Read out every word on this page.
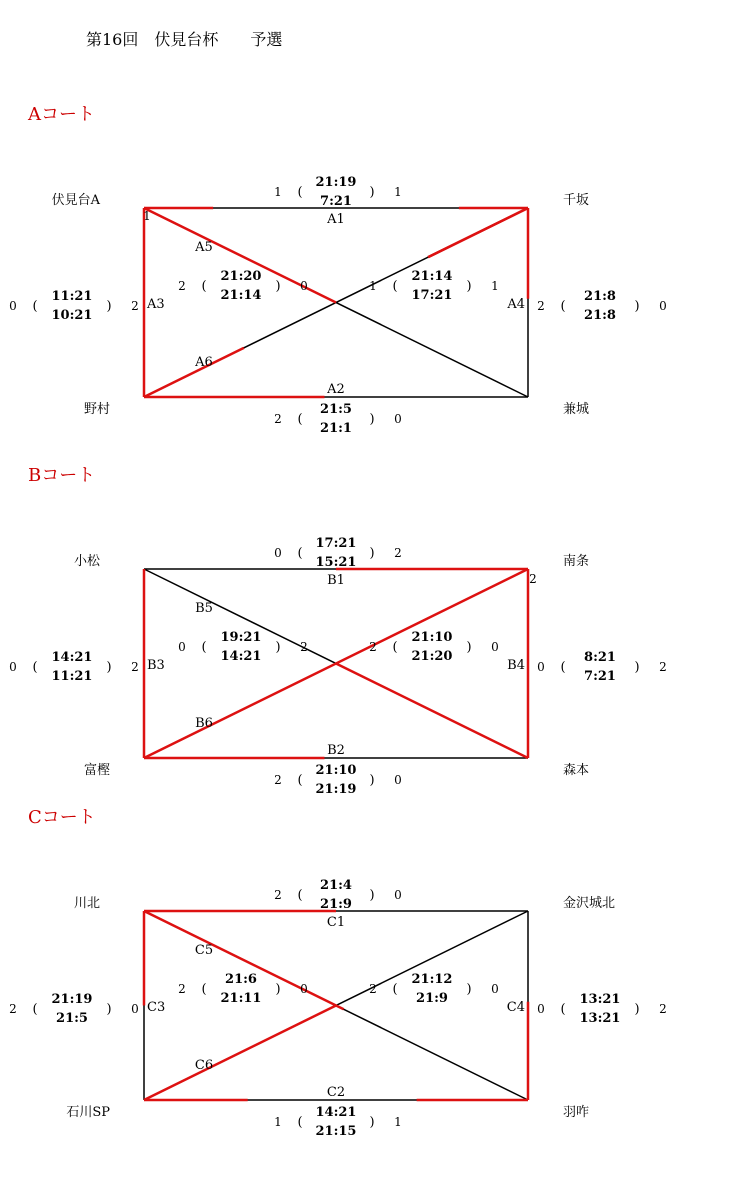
第16回　伏見台杯　　予選
Aコート
伏見台A	千坂
野村	兼城
1
21:19
7:21
(	)
1	1
A1
21:5
21:1
(	)
2	0
A2
11:21
10:21
(	)
0	2 A3
21:8
21:8
(	)
2	0
A4
21:20
21:14
(	)
2	0
A5
21:14
17:21
(	)
1	1
A6
Bコート
小松	南条
富樫	森本
2
17:21
15:21
(	)
0	2
B1
21:10
21:19
(	)
2	0
B2
14:21
11:21
(	)
0	2 B3
8:21
7:21
(	)
0	2
B4
19:21
14:21
(	)
0	2
B5
21:10
21:20
(	)
2	0
B6
Cコート
川北	金沢城北
石川SP	羽咋
21:4
21:9
(	)
2	0
C1
14:21
21:15
(	)
1	1
C2
21:19
21:5
(	)
2	0 C3
13:21
13:21
(	)
0	2
C4
21:6
21:11
(	)
2	0
C5
21:12
21:9
(	)
2	0
C6
